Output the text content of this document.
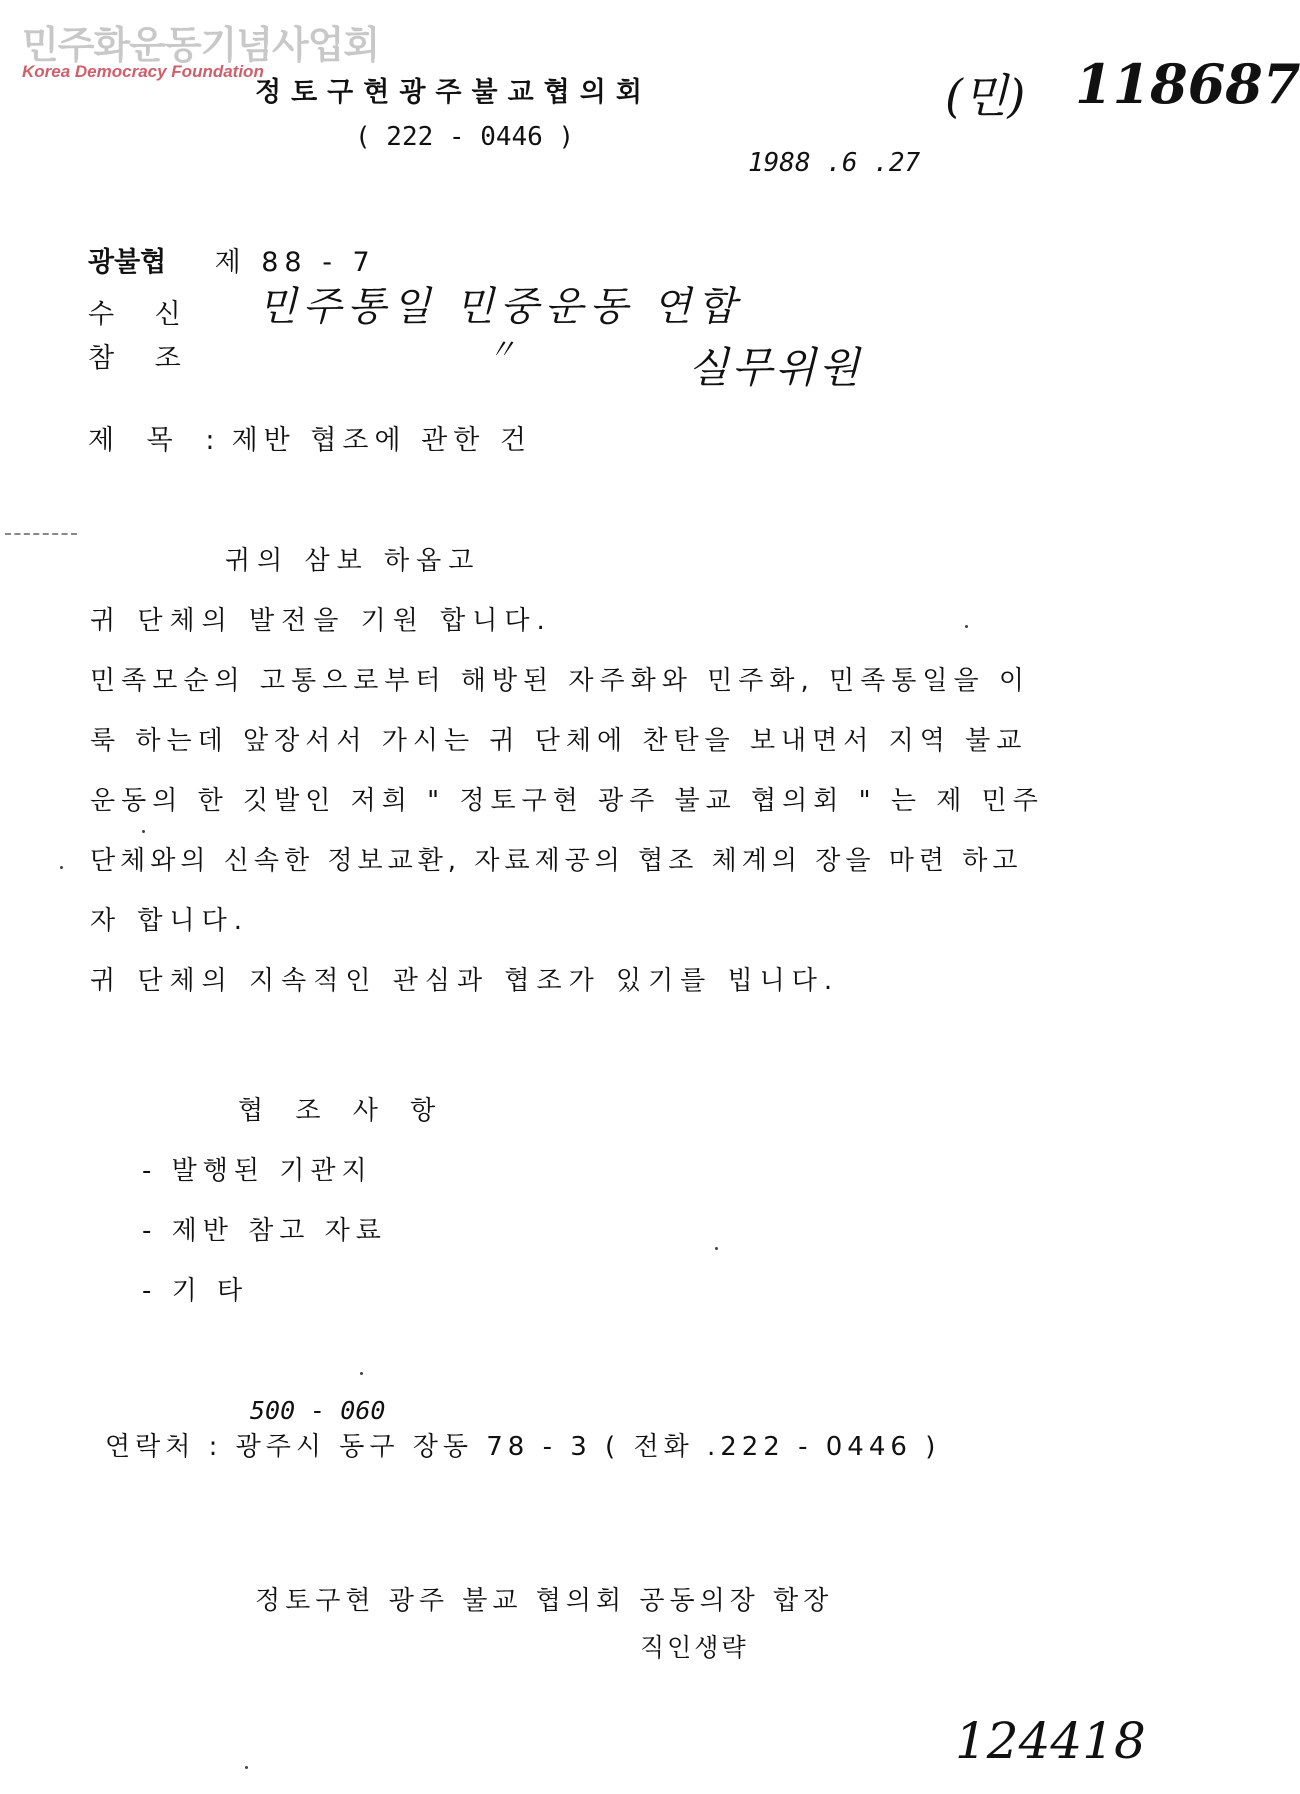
민주화운동기념사업회
Korea Democracy Foundation
정토구현광주불교협의회
( 222 - 0446 )
1988 .6 .27
(민) 118687
광불협 제 88 - 7
수 신 민주통일 민중운동 연합
참 조	〃	실무위원
제 목 : 제반 협조에 관한 건
귀의 삼보 하옵고
귀 단체의 발전을 기원 합니다.
민족모순의 고통으로부터 해방된 자주화와 민주화, 민족통일을 이
룩 하는데 앞장서서 가시는 귀 단체에 찬탄을 보내면서 지역 불교
운동의 한 깃발인 저희 " 정토구현 광주 불교 협의회 " 는 제 민주
단체와의 신속한 정보교환, 자료제공의 협조 체계의 장을 마련 하고
자 합니다.
귀 단체의 지속적인 관심과 협조가 있기를 빕니다.
협 조 사 항
- 발행된 기관지
- 제반 참고 자료
- 기 타
500 - 060
연락처 : 광주시 동구 장동 78 - 3 ( 전화 .222 - 0446 )
정토구현 광주 불교 협의회 공동의장 합장
직인생략
124418
